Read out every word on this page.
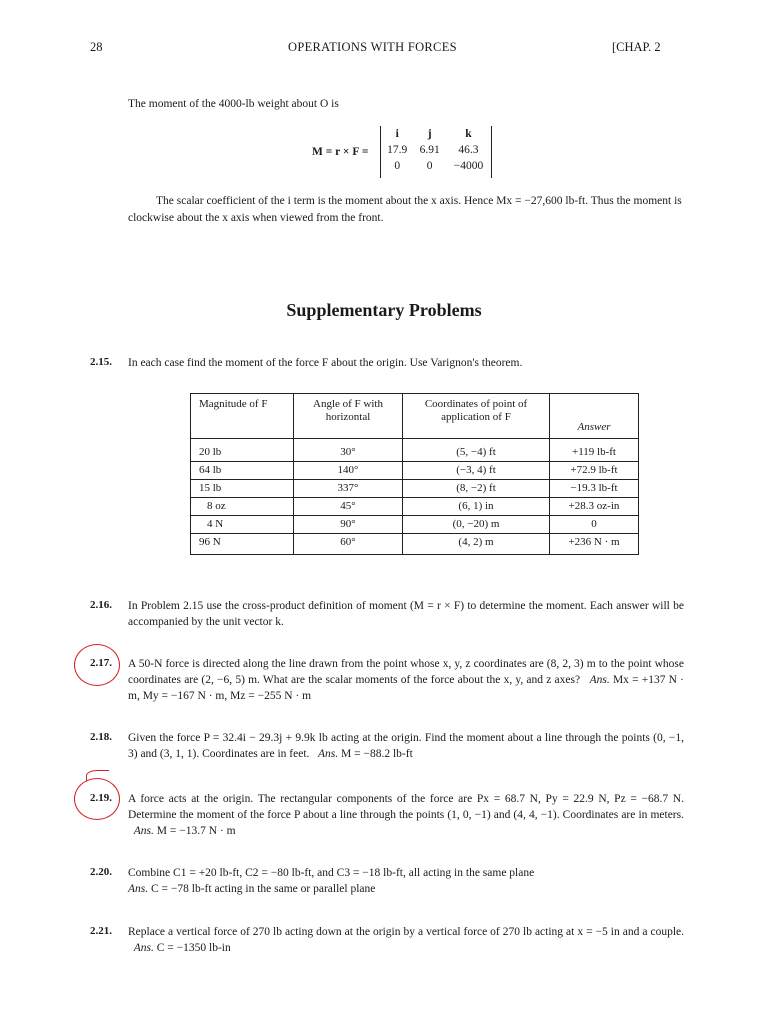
28	OPERATIONS WITH FORCES	[CHAP. 2
The moment of the 4000-lb weight about O is
M = r × F =
i	j	k
17.9	6.91	46.3
0	0	−4000
The scalar coefficient of the i term is the moment about the x axis. Hence Mx = −27,600 lb-ft. Thus the moment is clockwise about the x axis when viewed from the front.
Supplementary Problems
2.15. In each case find the moment of the force F about the origin. Use Varignon's theorem.
Magnitude of F	Angle of F with horizontal	Coordinates of point of application of F	Answer
20 lb	30°	(5, −4) ft	+119 lb-ft
64 lb	140°	(−3, 4) ft	+72.9 lb-ft
15 lb	337°	(8, −2) ft	−19.3 lb-ft
8 oz	45°	(6, 1) in	+28.3 oz-in
4 N	90°	(0, −20) m	0
96 N	60°	(4, 2) m	+236 N · m
2.16. In Problem 2.15 use the cross-product definition of moment (M = r × F) to determine the moment. Each answer will be accompanied by the unit vector k.
2.17. A 50-N force is directed along the line drawn from the point whose x, y, z coordinates are (8, 2, 3) m to the point whose coordinates are (2, −6, 5) m. What are the scalar moments of the force about the x, y, and z axes? Ans. Mx = +137 N · m, My = −167 N · m, Mz = −255 N · m
2.18. Given the force P = 32.4i − 29.3j + 9.9k lb acting at the origin. Find the moment about a line through the points (0, −1, 3) and (3, 1, 1). Coordinates are in feet. Ans. M = −88.2 lb-ft
2.19. A force acts at the origin. The rectangular components of the force are Px = 68.7 N, Py = 22.9 N, Pz = −68.7 N. Determine the moment of the force P about a line through the points (1, 0, −1) and (4, 4, −1). Coordinates are in meters.   Ans. M = −13.7 N · m
2.20. Combine C1 = +20 lb-ft, C2 = −80 lb-ft, and C3 = −18 lb-ft, all acting in the same plane
Ans. C = −78 lb-ft acting in the same or parallel plane
2.21. Replace a vertical force of 270 lb acting down at the origin by a vertical force of 270 lb acting at x = −5 in and a couple.   Ans. C = −1350 lb-in
